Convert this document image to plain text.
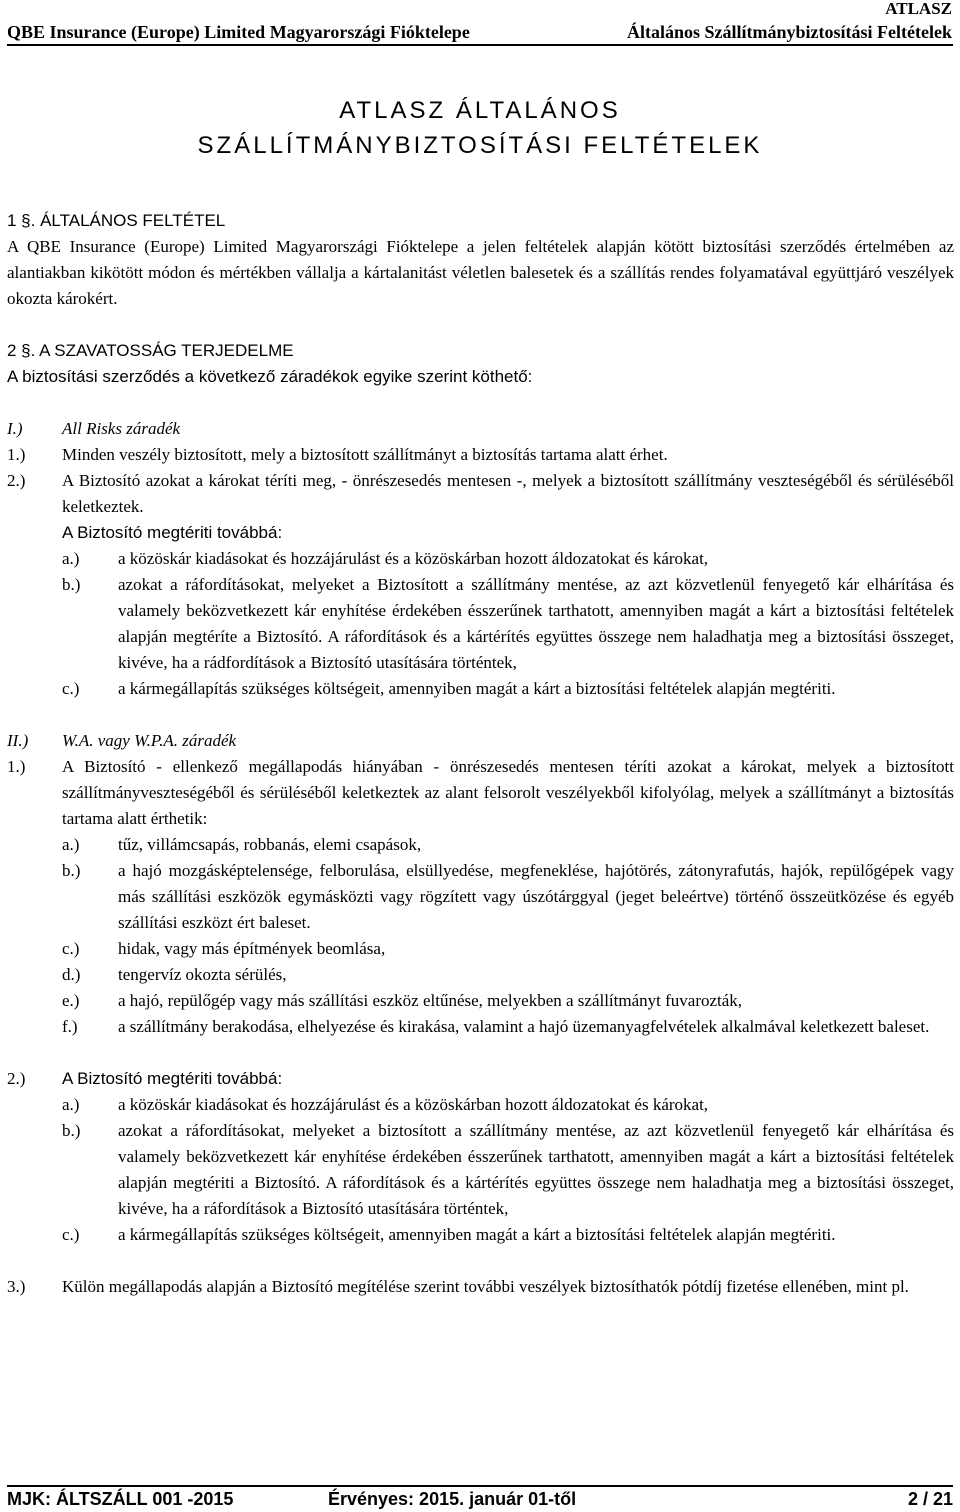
ATLASZ
QBE Insurance (Europe) Limited Magyarországi Fióktelepe	Általános Szállítmánybiztosítási Feltételek
ATLASZ ÁLTALÁNOS
SZÁLLÍTMÁNYBIZTOSÍTÁSI FELTÉTELEK
1 §. ÁLTALÁNOS FELTÉTEL

A QBE Insurance (Europe) Limited Magyarországi Fióktelepe a jelen feltételek alapján kötött biztosítási szerződés értelmében az alantiakban kikötött módon és mértékben vállalja a kártalanitást véletlen balesetek és a szállítás rendes folyamatával együttjáró veszélyek okozta károkért.

2 §. A SZAVATOSSÁG TERJEDELME

A biztosítási szerződés a következő záradékok egyike szerint köthető:

I.)	All Risks záradék
1.)	Minden veszély biztosított, mely a biztosított szállítmányt a biztosítás tartama alatt érhet.
2.)	A Biztosító azokat a károkat téríti meg, - önrészesedés mentesen -, melyek a biztosított szállítmány veszteségéből és sérüléséből keletkeztek.
A Biztosító megtériti továbbá:
a.)	a közöskár kiadásokat és hozzájárulást és a közöskárban hozott áldozatokat és károkat,
b.)	azokat a ráfordításokat, melyeket a Biztosított a szállítmány mentése, az azt közvetlenül fenyegető kár elhárítása és valamely beközvetkezett kár enyhítése érdekében ésszerűnek tarthatott, amennyiben magát a kárt a biztosítási feltételek alapján megtérítе a Biztosító. A ráfordítások és a kártérítés együttes összege nem haladhatja meg a biztosítási összeget, kivéve, ha a rádfordítások a Biztosító utasítására történtek,
c.)	a kármegállapítás szükséges költségeit, amennyiben magát a kárt a biztosítási feltételek alapján megtériti.
II.)	W.A. vagy W.P.A. záradék
1.)	A Biztosító - ellenkező megállapodás hiányában - önrészesedés mentesen téríti azokat a károkat, melyek a biztosított szállítmányveszteségéből és sérüléséből keletkeztek az alant felsorolt veszélyekből kifolyólag, melyek a szállítmányt a biztosítás tartama alatt érthetik:
a.)	tűz, villámcsapás, robbanás, elemi csapások,
b.)	a hajó mozgásképtelensége, felborulása, elsüllyedése, megfeneklése, hajótörés, zátonyrafutás, hajók, repülőgépek vagy más szállítási eszközök egymásközti vagy rögzített vagy úszótárggyal (jeget beleértve) történő összeütközése és egyéb szállítási eszközt ért baleset.
c.)	hidak, vagy más építmények beomlása,
d.)	tengervíz okozta sérülés,
e.)	a hajó, repülőgép vagy más szállítási eszköz eltűnése, melyekben a szállítmányt fuvarozták,
f.)	a szállítmány berakodása, elhelyezése és kirakása, valamint a hajó üzemanyagfelvételek alkalmával keletkezett baleset.
2.)	A Biztosító megtériti továbbá:
a.)	a közöskár kiadásokat és hozzájárulást és a közöskárban hozott áldozatokat és károkat,
b.)	azokat a ráfordításokat, melyeket a biztosított a szállítmány mentése, az azt közvetlenül fenyegető kár elhárítása és valamely beközvetkezett kár enyhítése érdekében ésszerűnek tarthatott, amennyiben magát a kárt a biztosítási feltételek alapján megtériti a Biztosító. A ráfordítások és a kártérítés együttes összege nem haladhatja meg a biztosítási összeget, kivéve, ha a ráfordítások a Biztosító utasítására történtek,
c.)	a kármegállapítás szükséges költségeit, amennyiben magát a kárt a biztosítási feltételek alapján megtériti.
3.)	Külön megállapodás alapján a Biztosító megítélése szerint további veszélyek biztosíthatók pótdíj fizetése ellenében, mint pl.
MJK: ÁLTSZÁLL 001 -2015	Érvényes: 2015. január 01-től	2 / 21
